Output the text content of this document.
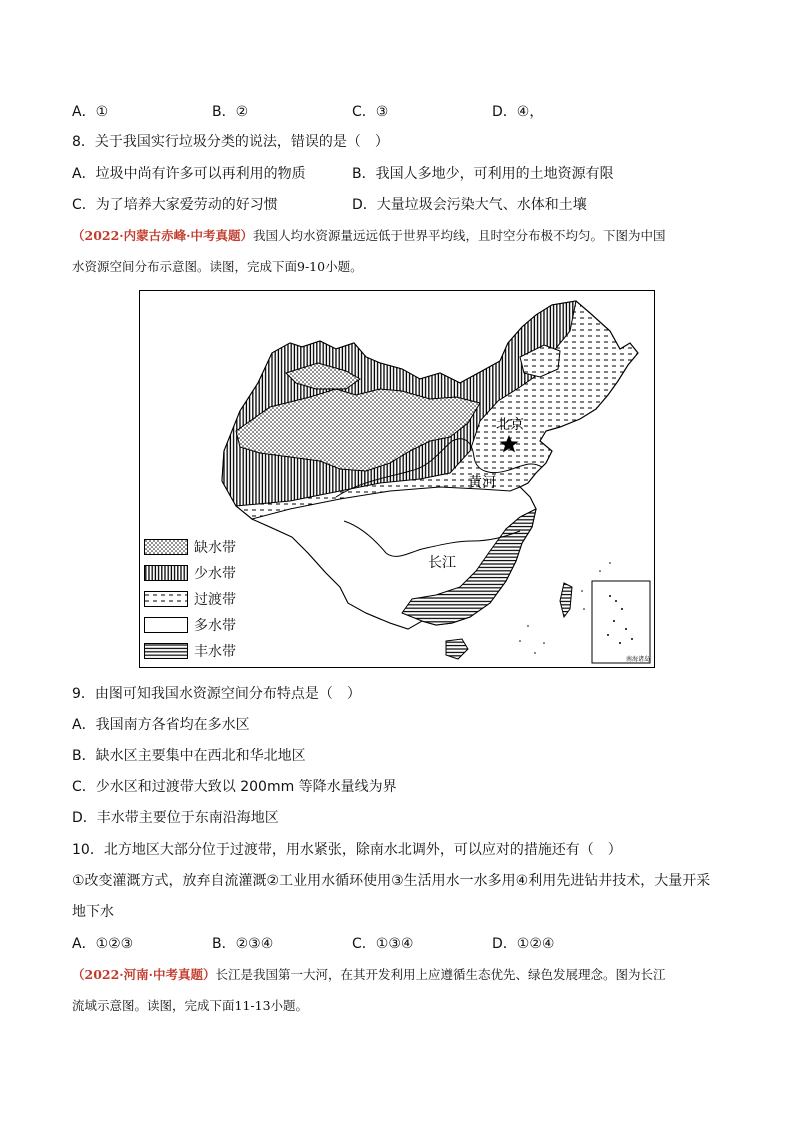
A．①	B．②	C．③	D．④，
8．关于我国实行垃圾分类的说法，错误的是（　）
A．垃圾中尚有许多可以再利用的物质	B．我国人多地少，可利用的土地资源有限
C．为了培养大家爱劳动的好习惯	D．大量垃圾会污染大气、水体和土壤
（2022·内蒙古赤峰·中考真题）我国人均水资源量远远低于世界平均线，且时空分布极不均匀。下图为中国
水资源空间分布示意图。读图，完成下面9-10小题。
南海诸岛
北京
黄河
长江
缺水带
少水带
过渡带
多水带
丰水带
9．由图可知我国水资源空间分布特点是（　）
A．我国南方各省均在多水区
B．缺水区主要集中在西北和华北地区
C．少水区和过渡带大致以 200mm 等降水量线为界
D．丰水带主要位于东南沿海地区
10．北方地区大部分位于过渡带，用水紧张，除南水北调外，可以应对的措施还有（　）
①改变灌溉方式，放弃自流灌溉②工业用水循环使用③生活用水一水多用④利用先进钻井技术，大量开采
地下水
A．①②③	B．②③④	C．①③④	D．①②④
（2022·河南·中考真题）长江是我国第一大河，在其开发利用上应遵循生态优先、绿色发展理念。图为长江
流域示意图。读图，完成下面11-13小题。
